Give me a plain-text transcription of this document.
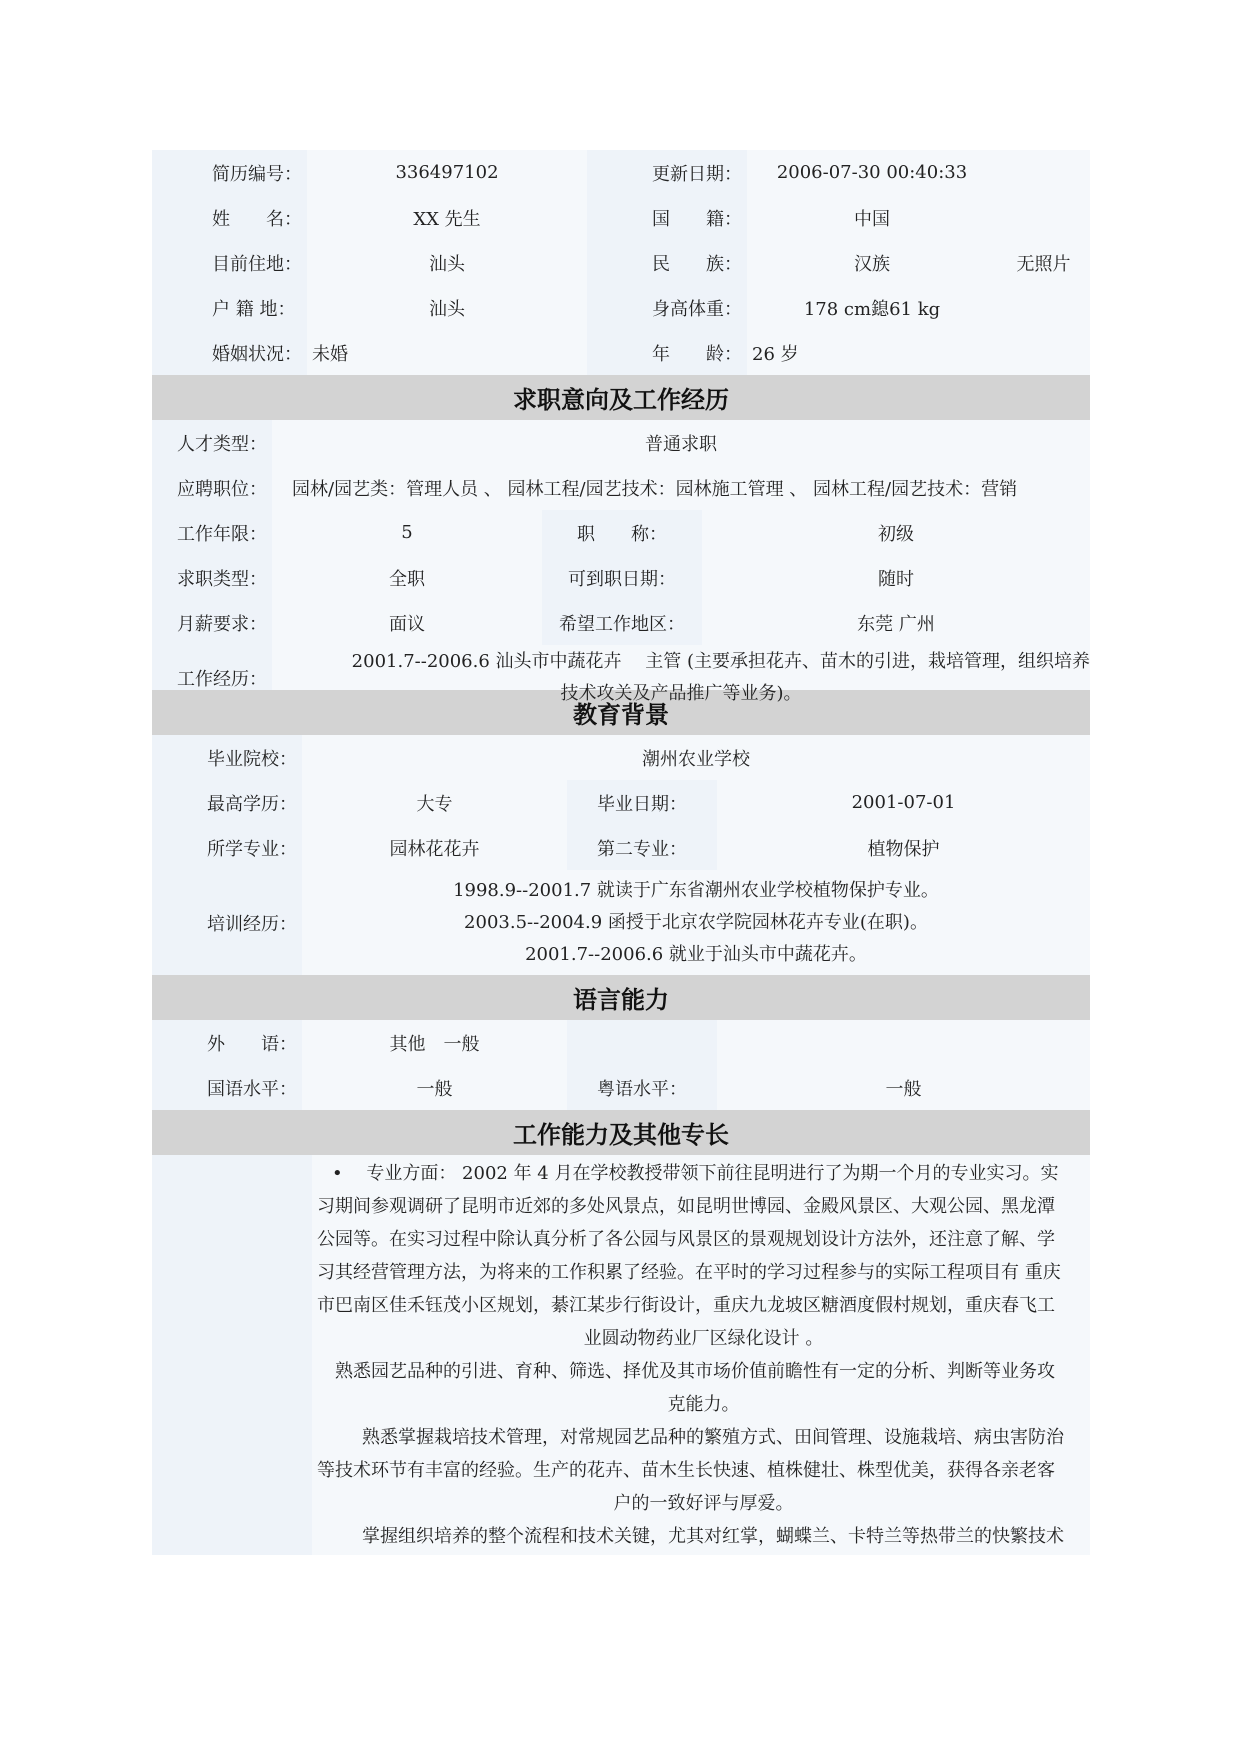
简历编号：	336497102	更新日期：	2006-07-30 00:40:33
姓　　名：	XX 先生	国　　籍：	中国
目前住地：	汕头	民　　族：	汉族	无照片
户 籍 地：	汕头	身高体重：	178 cm鎴61 kg
婚姻状况： 未婚	年　　龄： 26 岁
求职意向及工作经历
人才类型：	普通求职
应聘职位：	园林/园艺类：管理人员 、 园林工程/园艺技术：园林施工管理 、 园林工程/园艺技术：营销
工作年限：	5	职　　称：	初级
求职类型：	全职	可到职日期：	随时
月薪要求：	面议	希望工作地区：	东莞 广州
工作经历：
2001.7--2006.6 汕头市中蔬花卉　 主管 (主要承担花卉、苗木的引进，栽培管理，组织培养
技术攻关及产品推广等业务)。
教育背景
毕业院校：	潮州农业学校
最高学历：	大专	毕业日期：	2001-07-01
所学专业：	园林花花卉	第二专业：	植物保护
培训经历：
1998.9--2001.7 就读于广东省潮州农业学校植物保护专业。
2003.5--2004.9 函授于北京农学院园林花卉专业(在职)。
2001.7--2006.6 就业于汕头市中蔬花卉。
语言能力
外　　语：	其他　一般
国语水平：	一般	粤语水平：	一般
工作能力及其他专长
•　 专业方面： 2002 年 4 月在学校教授带领下前往昆明进行了为期一个月的专业实习。实
习期间参观调研了昆明市近郊的多处风景点，如昆明世博园、金殿风景区、大观公园、黑龙潭
公园等。在实习过程中除认真分析了各公园与风景区的景观规划设计方法外，还注意了解、学
习其经营管理方法，为将来的工作积累了经验。在平时的学习过程参与的实际工程项目有 重庆
市巴南区佳禾钰茂小区规划，綦江某步行街设计，重庆九龙坡区糖酒度假村规划，重庆春飞工
业圆动物药业厂区绿化设计 。
熟悉园艺品种的引进、育种、筛选、择优及其市场价值前瞻性有一定的分析、判断等业务攻
克能力。
熟悉掌握栽培技术管理，对常规园艺品种的繁殖方式、田间管理、设施栽培、病虫害防治
等技术环节有丰富的经验。生产的花卉、苗木生长快速、植株健壮、株型优美，获得各亲老客
户的一致好评与厚爱。
掌握组织培养的整个流程和技术关键，尤其对红掌，蝴蝶兰、卡特兰等热带兰的快繁技术
